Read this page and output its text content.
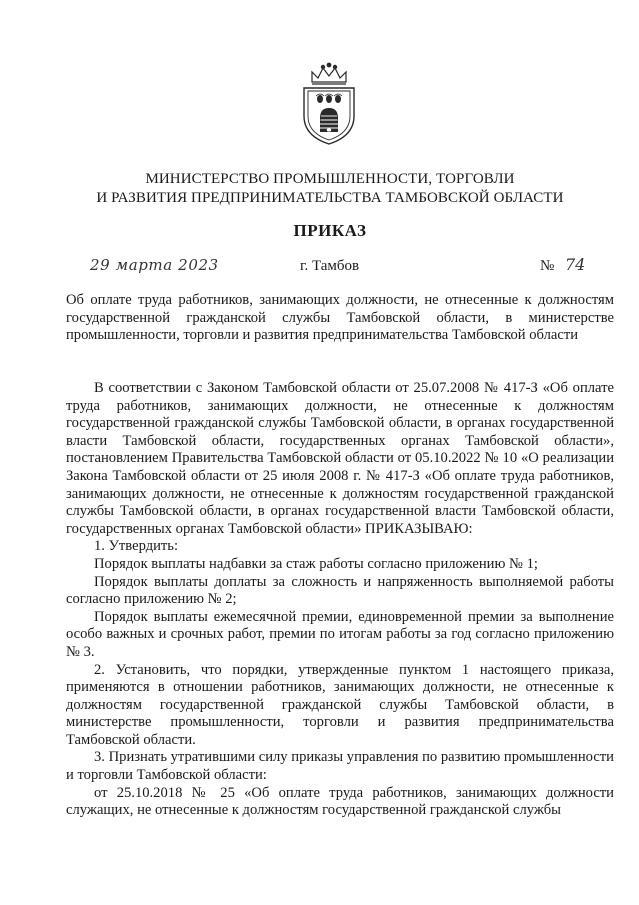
МИНИСТЕРСТВО ПРОМЫШЛЕННОСТИ, ТОРГОВЛИ
И РАЗВИТИЯ ПРЕДПРИНИМАТЕЛЬСТВА ТАМБОВСКОЙ ОБЛАСТИ
ПРИКАЗ
29 марта 2023	г. Тамбов	№ 74
Об оплате труда работников, занимающих должности, не отнесенные к должностям государственной гражданской службы Тамбовской области, в министерстве промышленности, торговли и развития предпринимательства Тамбовской области

В соответствии с Законом Тамбовской области от 25.07.2008 № 417-З «Об оплате труда работников, занимающих должности, не отнесенные к должностям государственной гражданской службы Тамбовской области, в органах государственной власти Тамбовской области, государственных органах Тамбовской области», постановлением Правительства Тамбовской области от 05.10.2022 № 10 «О реализации Закона Тамбовской области от 25 июля 2008 г. № 417-З «Об оплате труда работников, занимающих должности, не отнесенные к должностям государственной гражданской службы Тамбовской области, в органах государственной власти Тамбовской области, государственных органах Тамбовской области» ПРИКАЗЫВАЮ:

1. Утвердить:

Порядок выплаты надбавки за стаж работы согласно приложению № 1;

Порядок выплаты доплаты за сложность и напряженность выполняемой работы согласно приложению № 2;

Порядок выплаты ежемесячной премии, единовременной премии за выполнение особо важных и срочных работ, премии по итогам работы за год согласно приложению № 3.

2. Установить, что порядки, утвержденные пунктом 1 настоящего приказа, применяются в отношении работников, занимающих должности, не отнесенные к должностям государственной гражданской службы Тамбовской области, в министерстве промышленности, торговли и развития предпринимательства Тамбовской области.

3. Признать утратившими силу приказы управления по развитию промышленности и торговли Тамбовской области:

от 25.10.2018 № 25 «Об оплате труда работников, занимающих должности служащих, не отнесенные к должностям государственной гражданской службы
